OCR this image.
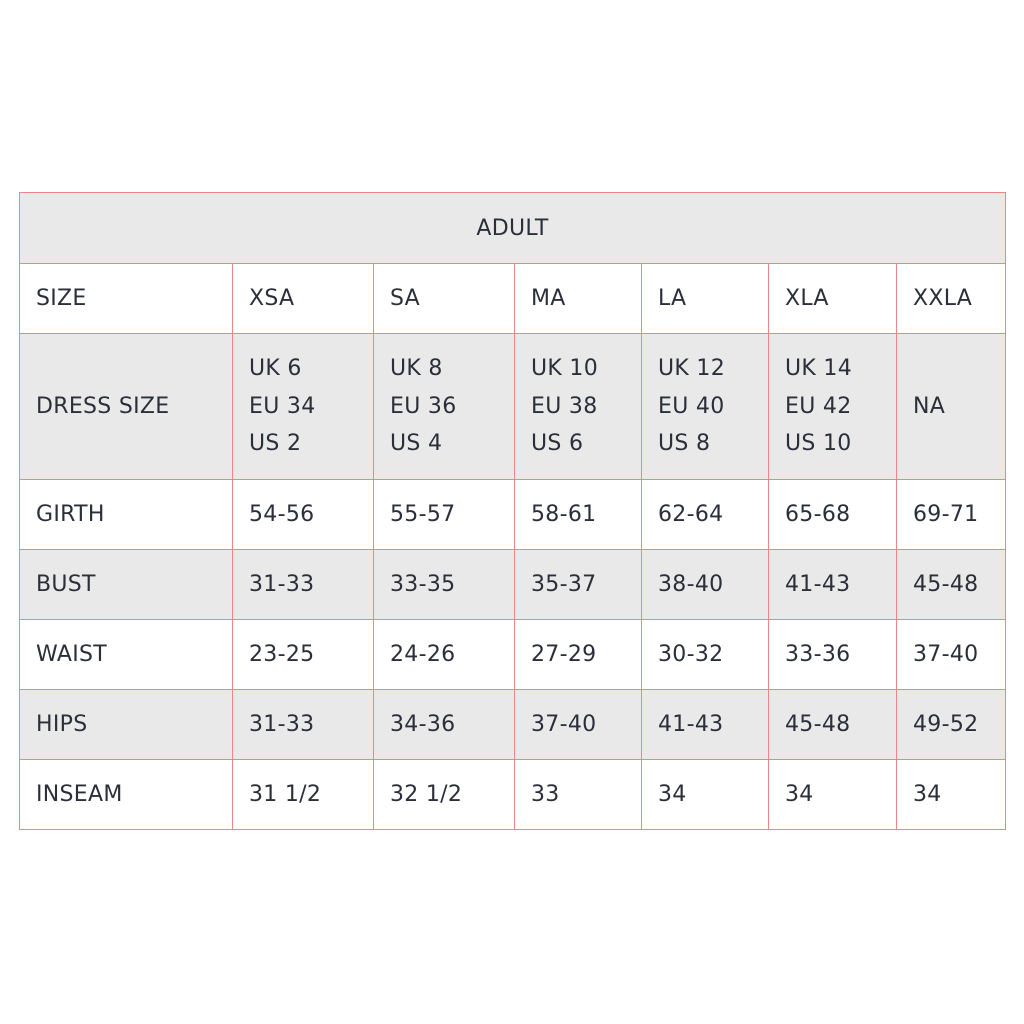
ADULT						
SIZE	XSA	SA	MA	LA	XLA	XXLA
DRESS SIZE	UK 6
EU 34
US 2	UK 8
EU 36
US 4	UK 10
EU 38
US 6	UK 12
EU 40
US 8	UK 14
EU 42
US 10	NA

GIRTH	54-56	55-57	58-61	62-64	65-68	69-71
BUST	31-33	33-35	35-37	38-40	41-43	45-48
WAIST	23-25	24-26	27-29	30-32	33-36	37-40
HIPS	31-33	34-36	37-40	41-43	45-48	49-52
INSEAM	31 1/2	32 1/2	33	34	34	34
